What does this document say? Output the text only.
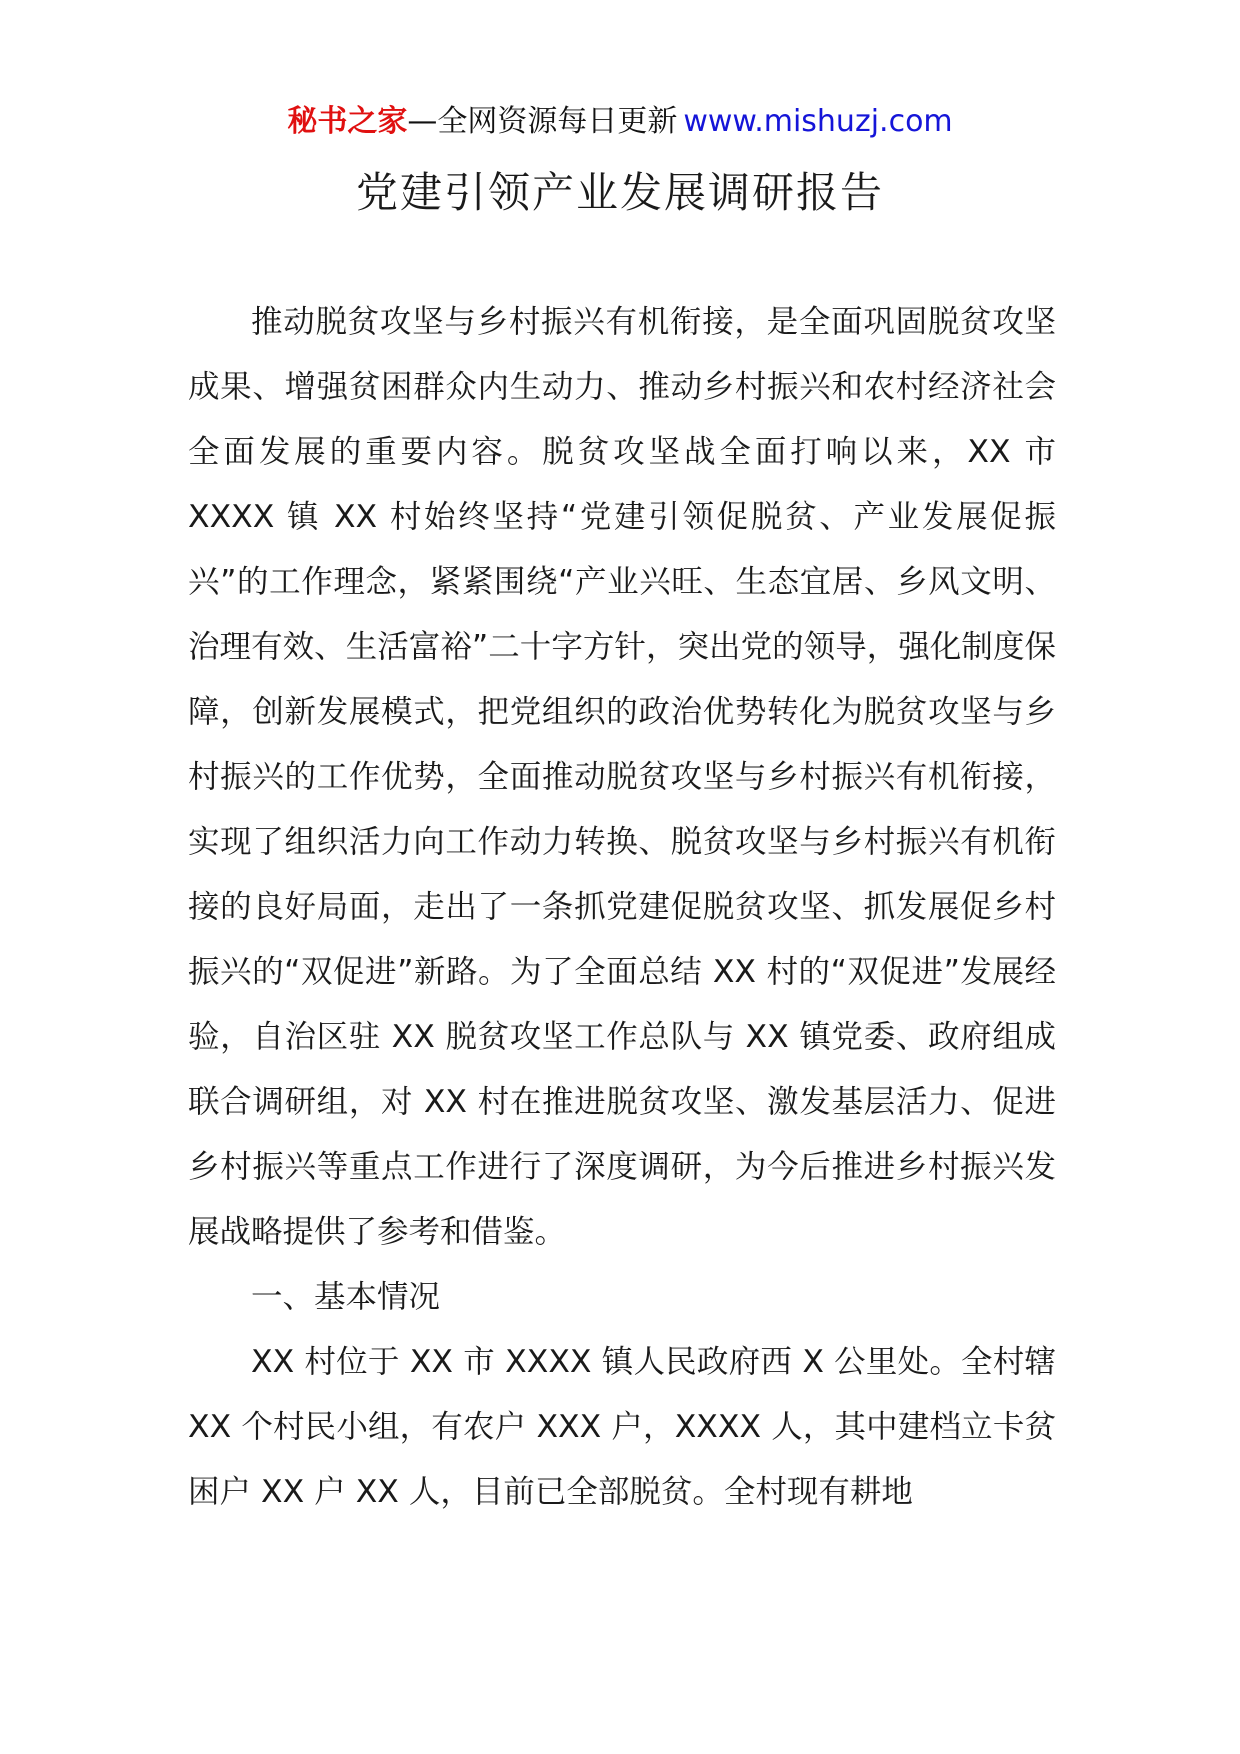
秘书之家—全网资源每日更新 www.mishuzj.com
党建引领产业发展调研报告

推动脱贫攻坚与乡村振兴有机衔接，是全面巩固脱贫攻坚成果、增强贫困群众内生动力、推动乡村振兴和农村经济社会全面发展的重要内容。脱贫攻坚战全面打响以来，XX 市 XXXX 镇 XX 村始终坚持“党建引领促脱贫、产业发展促振兴”的工作理念，紧紧围绕“产业兴旺、生态宜居、乡风文明、治理有效、生活富裕”二十字方针，突出党的领导，强化制度保障，创新发展模式，把党组织的政治优势转化为脱贫攻坚与乡村振兴的工作优势，全面推动脱贫攻坚与乡村振兴有机衔接，实现了组织活力向工作动力转换、脱贫攻坚与乡村振兴有机衔接的良好局面，走出了一条抓党建促脱贫攻坚、抓发展促乡村振兴的“双促进”新路。为了全面总结 XX 村的“双促进”发展经验，自治区驻 XX 脱贫攻坚工作总队与 XX 镇党委、政府组成联合调研组，对 XX 村在推进脱贫攻坚、激发基层活力、促进乡村振兴等重点工作进行了深度调研，为今后推进乡村振兴发展战略提供了参考和借鉴。

一、基本情况

XX 村位于 XX 市 XXXX 镇人民政府西 X 公里处。全村辖 XX 个村民小组，有农户 XXX 户，XXXX 人，其中建档立卡贫困户 XX 户 XX 人，目前已全部脱贫。全村现有耕地
